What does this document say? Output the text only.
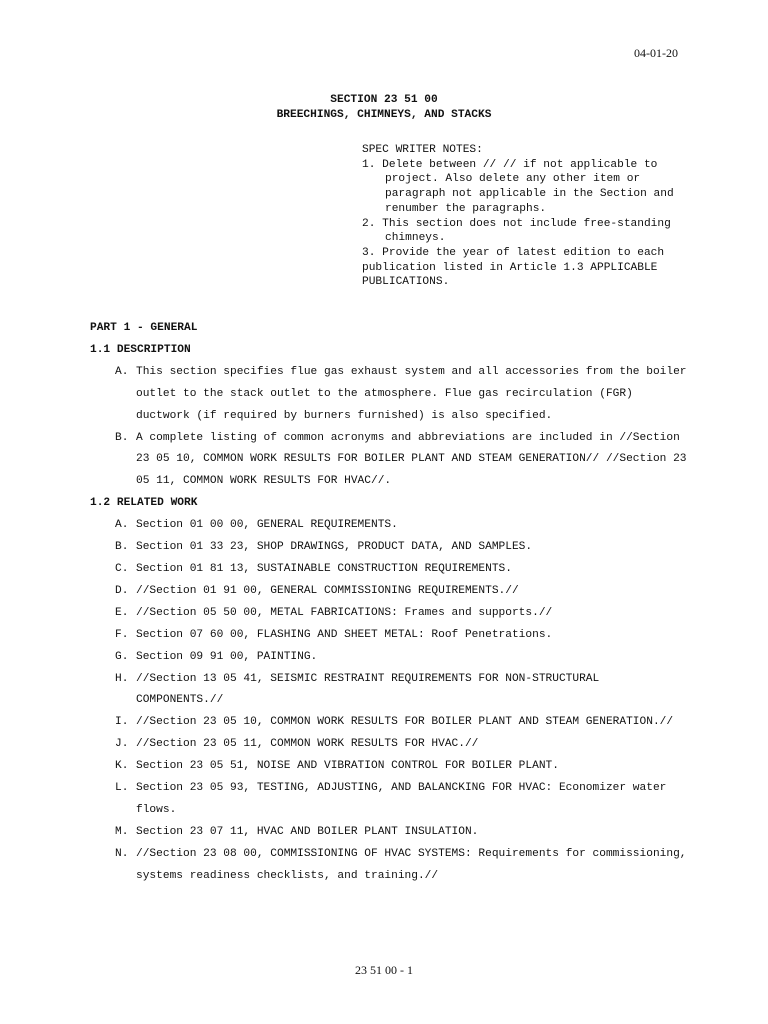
04-01-20
SECTION 23 51 00
BREECHINGS, CHIMNEYS, AND STACKS
SPEC WRITER NOTES:
1. Delete between // // if not applicable to project. Also delete any other item or paragraph not applicable in the Section and renumber the paragraphs.
2. This section does not include free-standing chimneys.
3. Provide the year of latest edition to each publication listed in Article 1.3 APPLICABLE PUBLICATIONS.
PART 1 - GENERAL
1.1 DESCRIPTION
A. This section specifies flue gas exhaust system and all accessories from the boiler outlet to the stack outlet to the atmosphere. Flue gas recirculation (FGR) ductwork (if required by burners furnished) is also specified.
B. A complete listing of common acronyms and abbreviations are included in //Section 23 05 10, COMMON WORK RESULTS FOR BOILER PLANT AND STEAM GENERATION// //Section 23 05 11, COMMON WORK RESULTS FOR HVAC//.
1.2 RELATED WORK
A. Section 01 00 00, GENERAL REQUIREMENTS.
B. Section 01 33 23, SHOP DRAWINGS, PRODUCT DATA, AND SAMPLES.
C. Section 01 81 13, SUSTAINABLE CONSTRUCTION REQUIREMENTS.
D. //Section 01 91 00, GENERAL COMMISSIONING REQUIREMENTS.//
E. //Section 05 50 00, METAL FABRICATIONS: Frames and supports.//
F. Section 07 60 00, FLASHING AND SHEET METAL: Roof Penetrations.
G. Section 09 91 00, PAINTING.
H. //Section 13 05 41, SEISMIC RESTRAINT REQUIREMENTS FOR NON-STRUCTURAL COMPONENTS.//
I. //Section 23 05 10, COMMON WORK RESULTS FOR BOILER PLANT AND STEAM GENERATION.//
J. //Section 23 05 11, COMMON WORK RESULTS FOR HVAC.//
K. Section 23 05 51, NOISE AND VIBRATION CONTROL FOR BOILER PLANT.
L. Section 23 05 93, TESTING, ADJUSTING, AND BALANCKING FOR HVAC: Economizer water flows.
M. Section 23 07 11, HVAC AND BOILER PLANT INSULATION.
N. //Section 23 08 00, COMMISSIONING OF HVAC SYSTEMS: Requirements for commissioning, systems readiness checklists, and training.//
23 51 00 - 1
